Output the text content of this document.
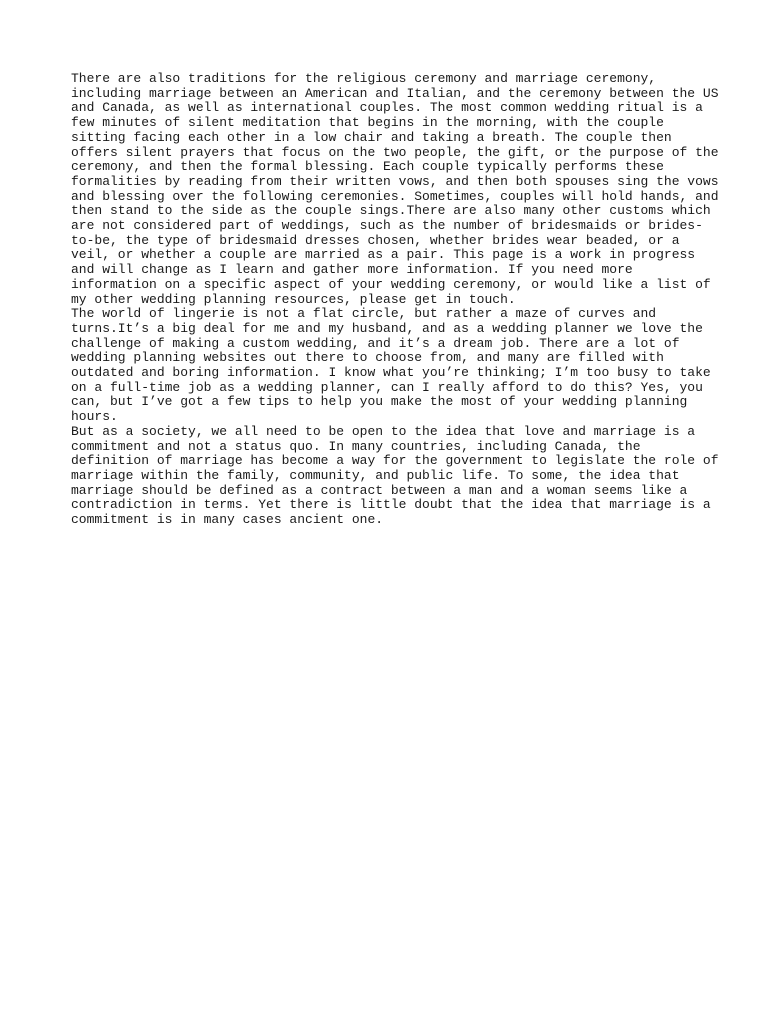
There are also traditions for the religious ceremony and marriage ceremony,
including marriage between an American and Italian, and the ceremony between the US
and Canada, as well as international couples. The most common wedding ritual is a
few minutes of silent meditation that begins in the morning, with the couple
sitting facing each other in a low chair and taking a breath. The couple then
offers silent prayers that focus on the two people, the gift, or the purpose of the
ceremony, and then the formal blessing. Each couple typically performs these
formalities by reading from their written vows, and then both spouses sing the vows
and blessing over the following ceremonies. Sometimes, couples will hold hands, and
then stand to the side as the couple sings.There are also many other customs which
are not considered part of weddings, such as the number of bridesmaids or brides-
to-be, the type of bridesmaid dresses chosen, whether brides wear beaded, or a
veil, or whether a couple are married as a pair. This page is a work in progress
and will change as I learn and gather more information. If you need more
information on a specific aspect of your wedding ceremony, or would like a list of
my other wedding planning resources, please get in touch.

The world of lingerie is not a flat circle, but rather a maze of curves and
turns.It’s a big deal for me and my husband, and as a wedding planner we love the
challenge of making a custom wedding, and it’s a dream job. There are a lot of
wedding planning websites out there to choose from, and many are filled with
outdated and boring information. I know what you’re thinking; I’m too busy to take
on a full-time job as a wedding planner, can I really afford to do this? Yes, you
can, but I’ve got a few tips to help you make the most of your wedding planning
hours.

But as a society, we all need to be open to the idea that love and marriage is a
commitment and not a status quo. In many countries, including Canada, the
definition of marriage has become a way for the government to legislate the role of
marriage within the family, community, and public life. To some, the idea that
marriage should be defined as a contract between a man and a woman seems like a
contradiction in terms. Yet there is little doubt that the idea that marriage is a
commitment is in many cases ancient one.
